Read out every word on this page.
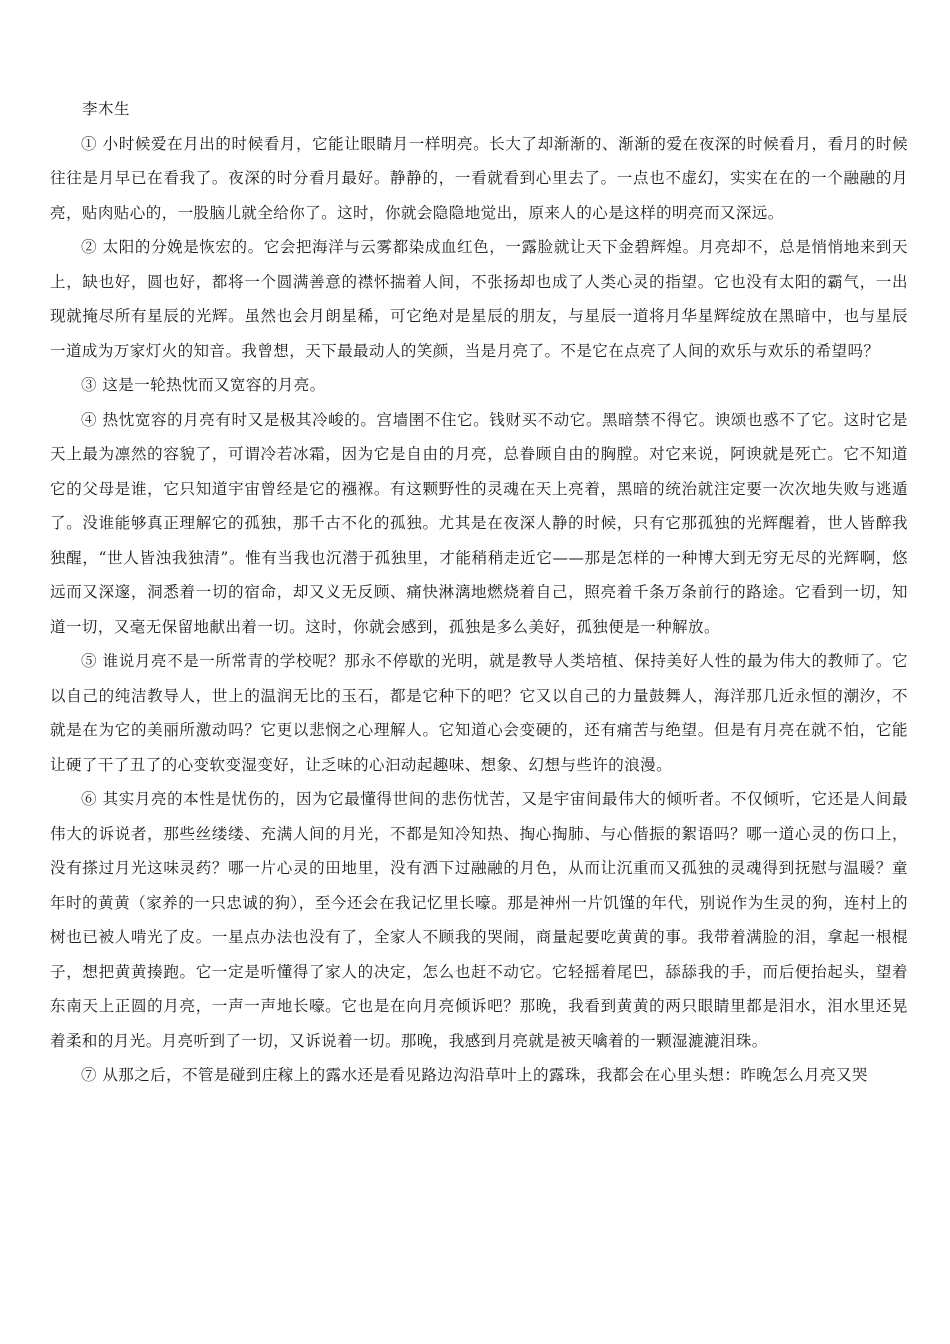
李木生

① 小时候爱在月出的时候看月，它能让眼睛月一样明亮。长大了却渐渐的、渐渐的爱在夜深的时候看月，看月的时候往往是月早已在看我了。夜深的时分看月最好。静静的，一看就看到心里去了。一点也不虚幻，实实在在的一个融融的月亮，贴肉贴心的，一股脑儿就全给你了。这时，你就会隐隐地觉出，原来人的心是这样的明亮而又深远。

② 太阳的分娩是恢宏的。它会把海洋与云雾都染成血红色，一露脸就让天下金碧辉煌。月亮却不，总是悄悄地来到天上，缺也好，圆也好，都将一个圆满善意的襟怀揣着人间，不张扬却也成了人类心灵的指望。它也没有太阳的霸气，一出现就掩尽所有星辰的光辉。虽然也会月朗星稀，可它绝对是星辰的朋友，与星辰一道将月华星辉绽放在黑暗中，也与星辰一道成为万家灯火的知音。我曾想，天下最最动人的笑颜，当是月亮了。不是它在点亮了人间的欢乐与欢乐的希望吗？

③ 这是一轮热忱而又宽容的月亮。

④ 热忱宽容的月亮有时又是极其冷峻的。宫墙圉不住它。钱财买不动它。黑暗禁不得它。谀颂也惑不了它。这时它是天上最为凛然的容貌了，可谓冷若冰霜，因为它是自由的月亮，总眷顾自由的胸膛。对它来说，阿谀就是死亡。它不知道它的父母是谁，它只知道宇宙曾经是它的襁褓。有这颗野性的灵魂在天上亮着，黑暗的统治就注定要一次次地失败与逃遁了。没谁能够真正理解它的孤独，那千古不化的孤独。尤其是在夜深人静的时候，只有它那孤独的光辉醒着，世人皆醉我独醒，“世人皆浊我独清”。惟有当我也沉潜于孤独里，才能稍稍走近它——那是怎样的一种博大到无穷无尽的光辉啊，悠远而又深邃，洞悉着一切的宿命，却又义无反顾、痛快淋漓地燃烧着自己，照亮着千条万条前行的路途。它看到一切，知道一切，又毫无保留地献出着一切。这时，你就会感到，孤独是多么美好，孤独便是一种解放。

⑤ 谁说月亮不是一所常青的学校呢？那永不停歇的光明，就是教导人类培植、保持美好人性的最为伟大的教师了。它以自己的纯洁教导人，世上的温润无比的玉石，都是它种下的吧？它又以自己的力量鼓舞人，海洋那几近永恒的潮汐，不就是在为它的美丽所激动吗？它更以悲悯之心理解人。它知道心会变硬的，还有痛苦与绝望。但是有月亮在就不怕，它能让硬了干了丑了的心变软变湿变好，让乏味的心汩动起趣味、想象、幻想与些许的浪漫。

⑥ 其实月亮的本性是忧伤的，因为它最懂得世间的悲伤忧苦，又是宇宙间最伟大的倾听者。不仅倾听，它还是人间最伟大的诉说者，那些丝缕缕、充满人间的月光，不都是知冷知热、掏心掏肺、与心偕振的絮语吗？哪一道心灵的伤口上，没有搽过月光这味灵药？哪一片心灵的田地里，没有洒下过融融的月色，从而让沉重而又孤独的灵魂得到抚慰与温暖？童年时的黄黄（家养的一只忠诚的狗），至今还会在我记忆里长嚎。那是神州一片饥馑的年代，别说作为生灵的狗，连村上的树也已被人啃光了皮。一星点办法也没有了，全家人不顾我的哭闹，商量起要吃黄黄的事。我带着满脸的泪，拿起一根棍子，想把黄黄揍跑。它一定是听懂得了家人的决定，怎么也赶不动它。它轻摇着尾巴，舔舔我的手，而后便抬起头，望着东南天上正圆的月亮，一声一声地长嚎。它也是在向月亮倾诉吧？那晚，我看到黄黄的两只眼睛里都是泪水，泪水里还晃着柔和的月光。月亮听到了一切，又诉说着一切。那晚，我感到月亮就是被天噙着的一颗湿漉漉泪珠。

⑦ 从那之后，不管是碰到庄稼上的露水还是看见路边沟沿草叶上的露珠，我都会在心里头想：昨晚怎么月亮又哭
